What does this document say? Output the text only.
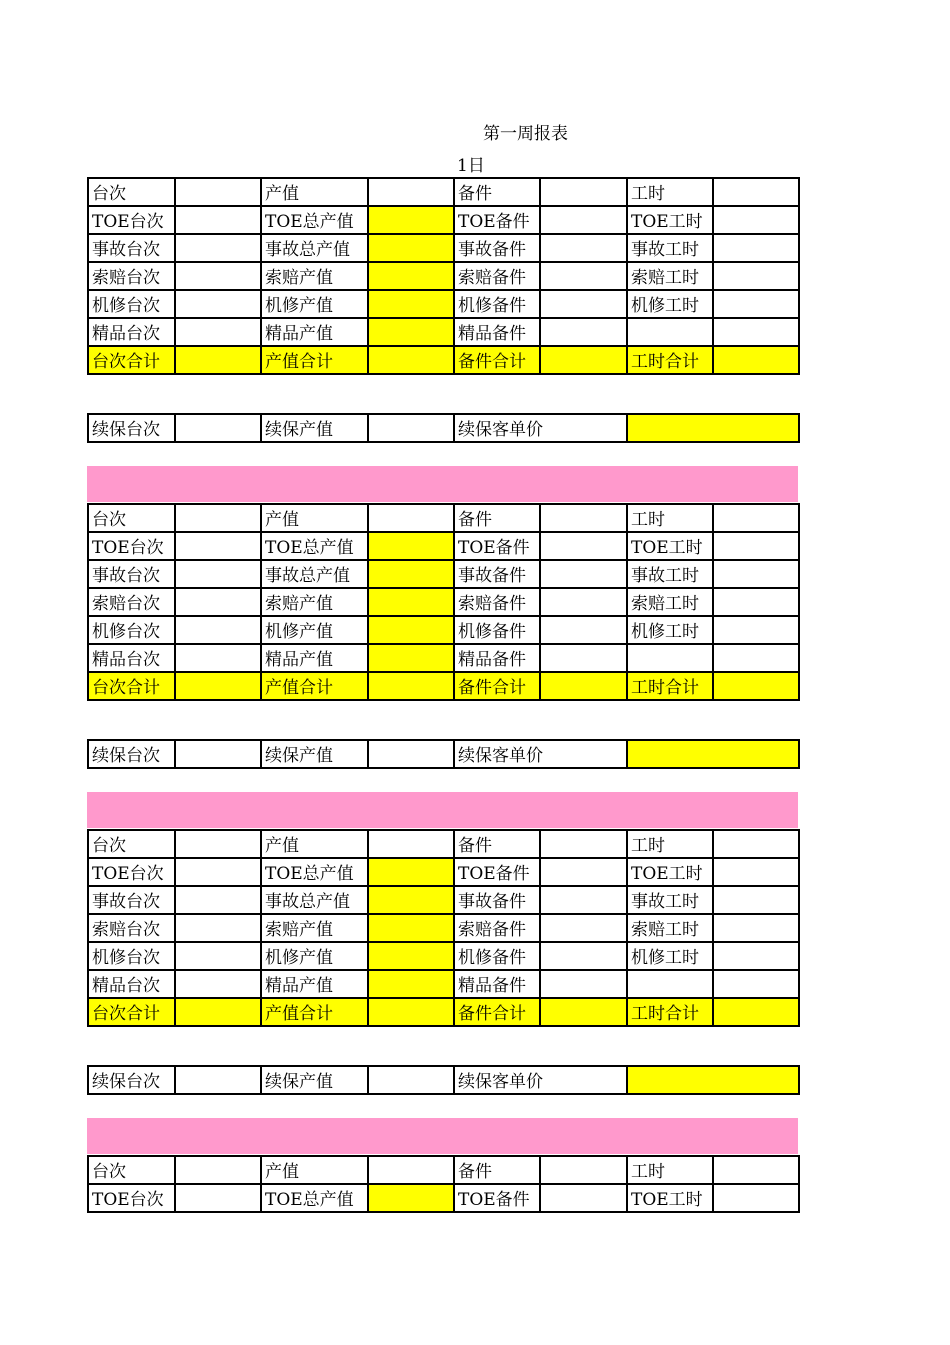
第一周报表
1日
台次		产值		备件		工时	
TOE台次		TOE总产值		TOE备件		TOE工时	
事故台次		事故总产值		事故备件		事故工时	
索赔台次		索赔产值		索赔备件		索赔工时	
机修台次		机修产值		机修备件		机修工时	
精品台次		精品产值		精品备件			
台次合计		产值合计		备件合计		工时合计	
续保台次		续保产值		续保客单价	
台次		产值		备件		工时	
TOE台次		TOE总产值		TOE备件		TOE工时	
事故台次		事故总产值		事故备件		事故工时	
索赔台次		索赔产值		索赔备件		索赔工时	
机修台次		机修产值		机修备件		机修工时	
精品台次		精品产值		精品备件			
台次合计		产值合计		备件合计		工时合计	
续保台次		续保产值		续保客单价	
台次		产值		备件		工时	
TOE台次		TOE总产值		TOE备件		TOE工时	
事故台次		事故总产值		事故备件		事故工时	
索赔台次		索赔产值		索赔备件		索赔工时	
机修台次		机修产值		机修备件		机修工时	
精品台次		精品产值		精品备件			
台次合计		产值合计		备件合计		工时合计	
续保台次		续保产值		续保客单价	
台次		产值		备件		工时	
TOE台次		TOE总产值		TOE备件		TOE工时	
